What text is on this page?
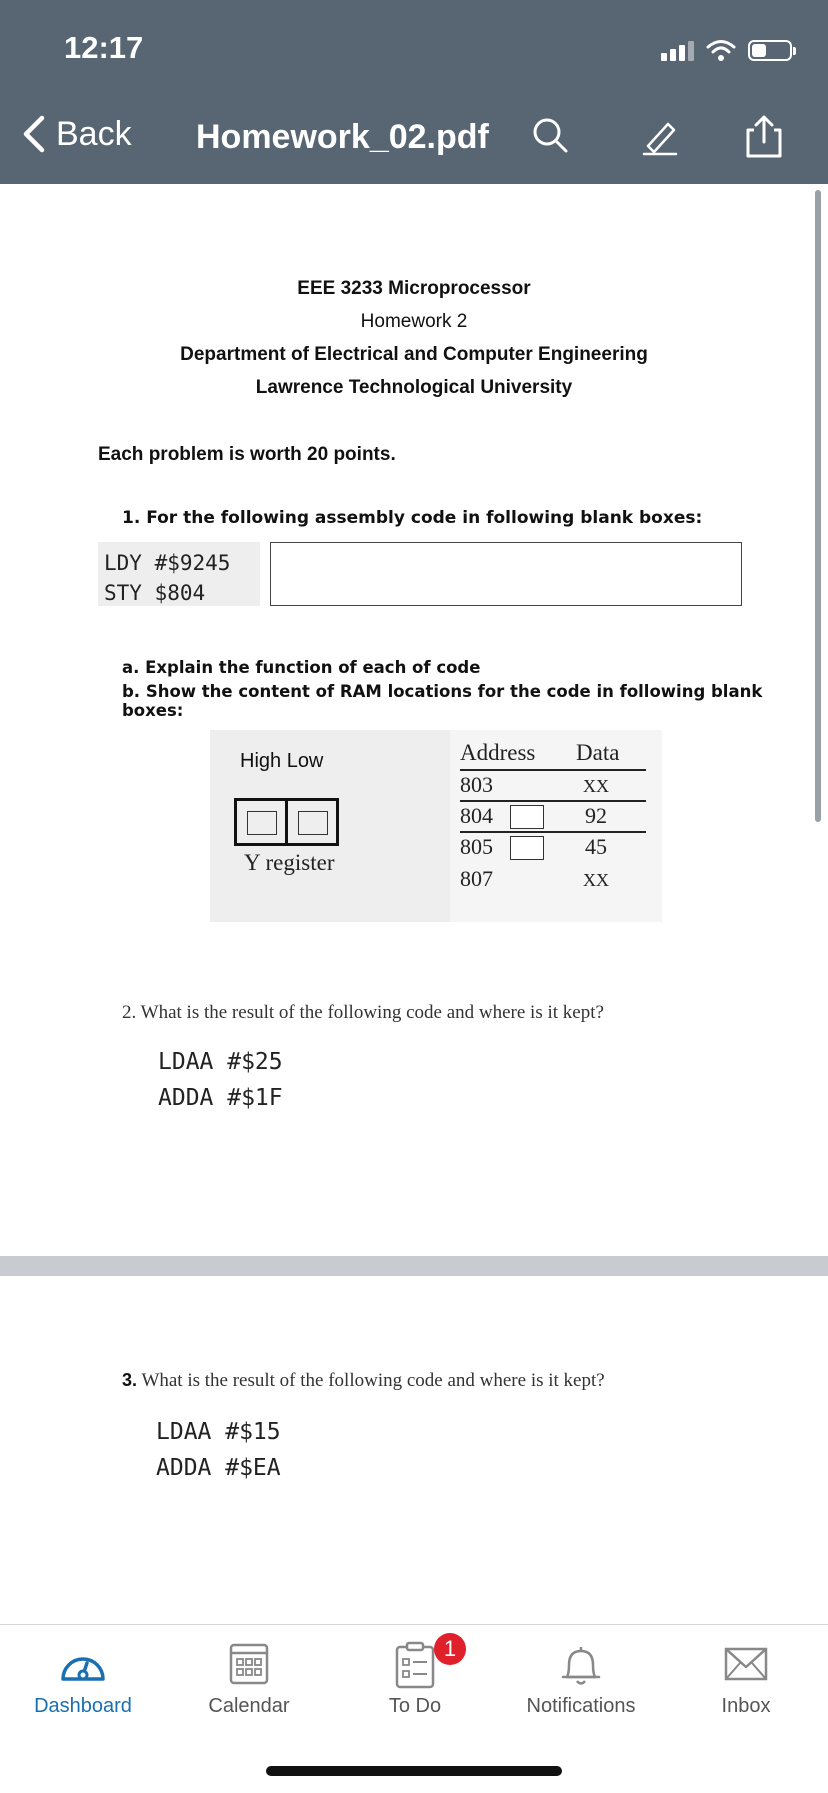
12:17
Back Homework_02.pdf
EEE 3233 Microprocessor
Homework 2
Department of Electrical and Computer Engineering
Lawrence Technological University
Each problem is worth 20 points.
1. For the following assembly code in following blank boxes:
LDY #$9245
STY $804
a. Explain the function of each of code
b. Show the content of RAM locations for the code in following blank boxes:
High Low
Y register
Address Data
803	XX
804	92
805	45
807	XX
2. What is the result of the following code and where is it kept?
LDAA #$25
ADDA #$1F
3. What is the result of the following code and where is it kept?
LDAA #$15
ADDA #$EA
Dashboard	Calendar
1
To Do	Notifications	Inbox
